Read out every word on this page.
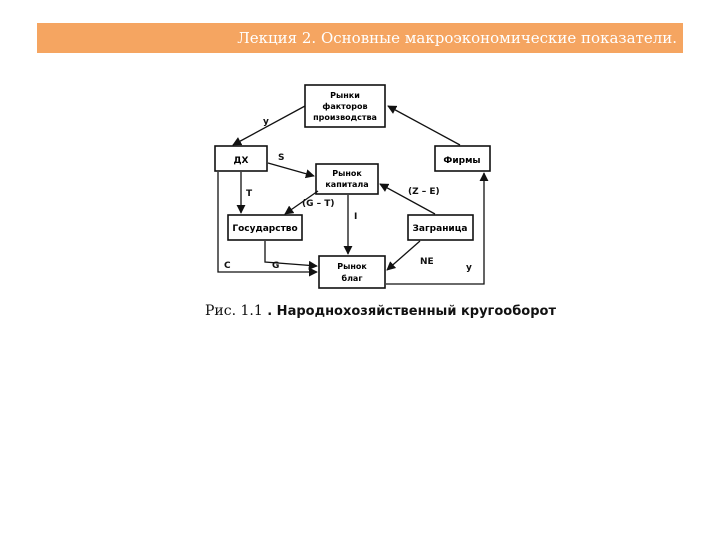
Лекция 2. Основные макроэкономические показатели.
Рынки
факторов
производства
ДХ	Фирмы
Рынок
капитала
Государство	Заграница
Рынок
благ
y
S
T
(G – T)
(Z – E)
I
C	G	NE
y
Рис. 1.1 . Народнохозяйственный кругооборот
